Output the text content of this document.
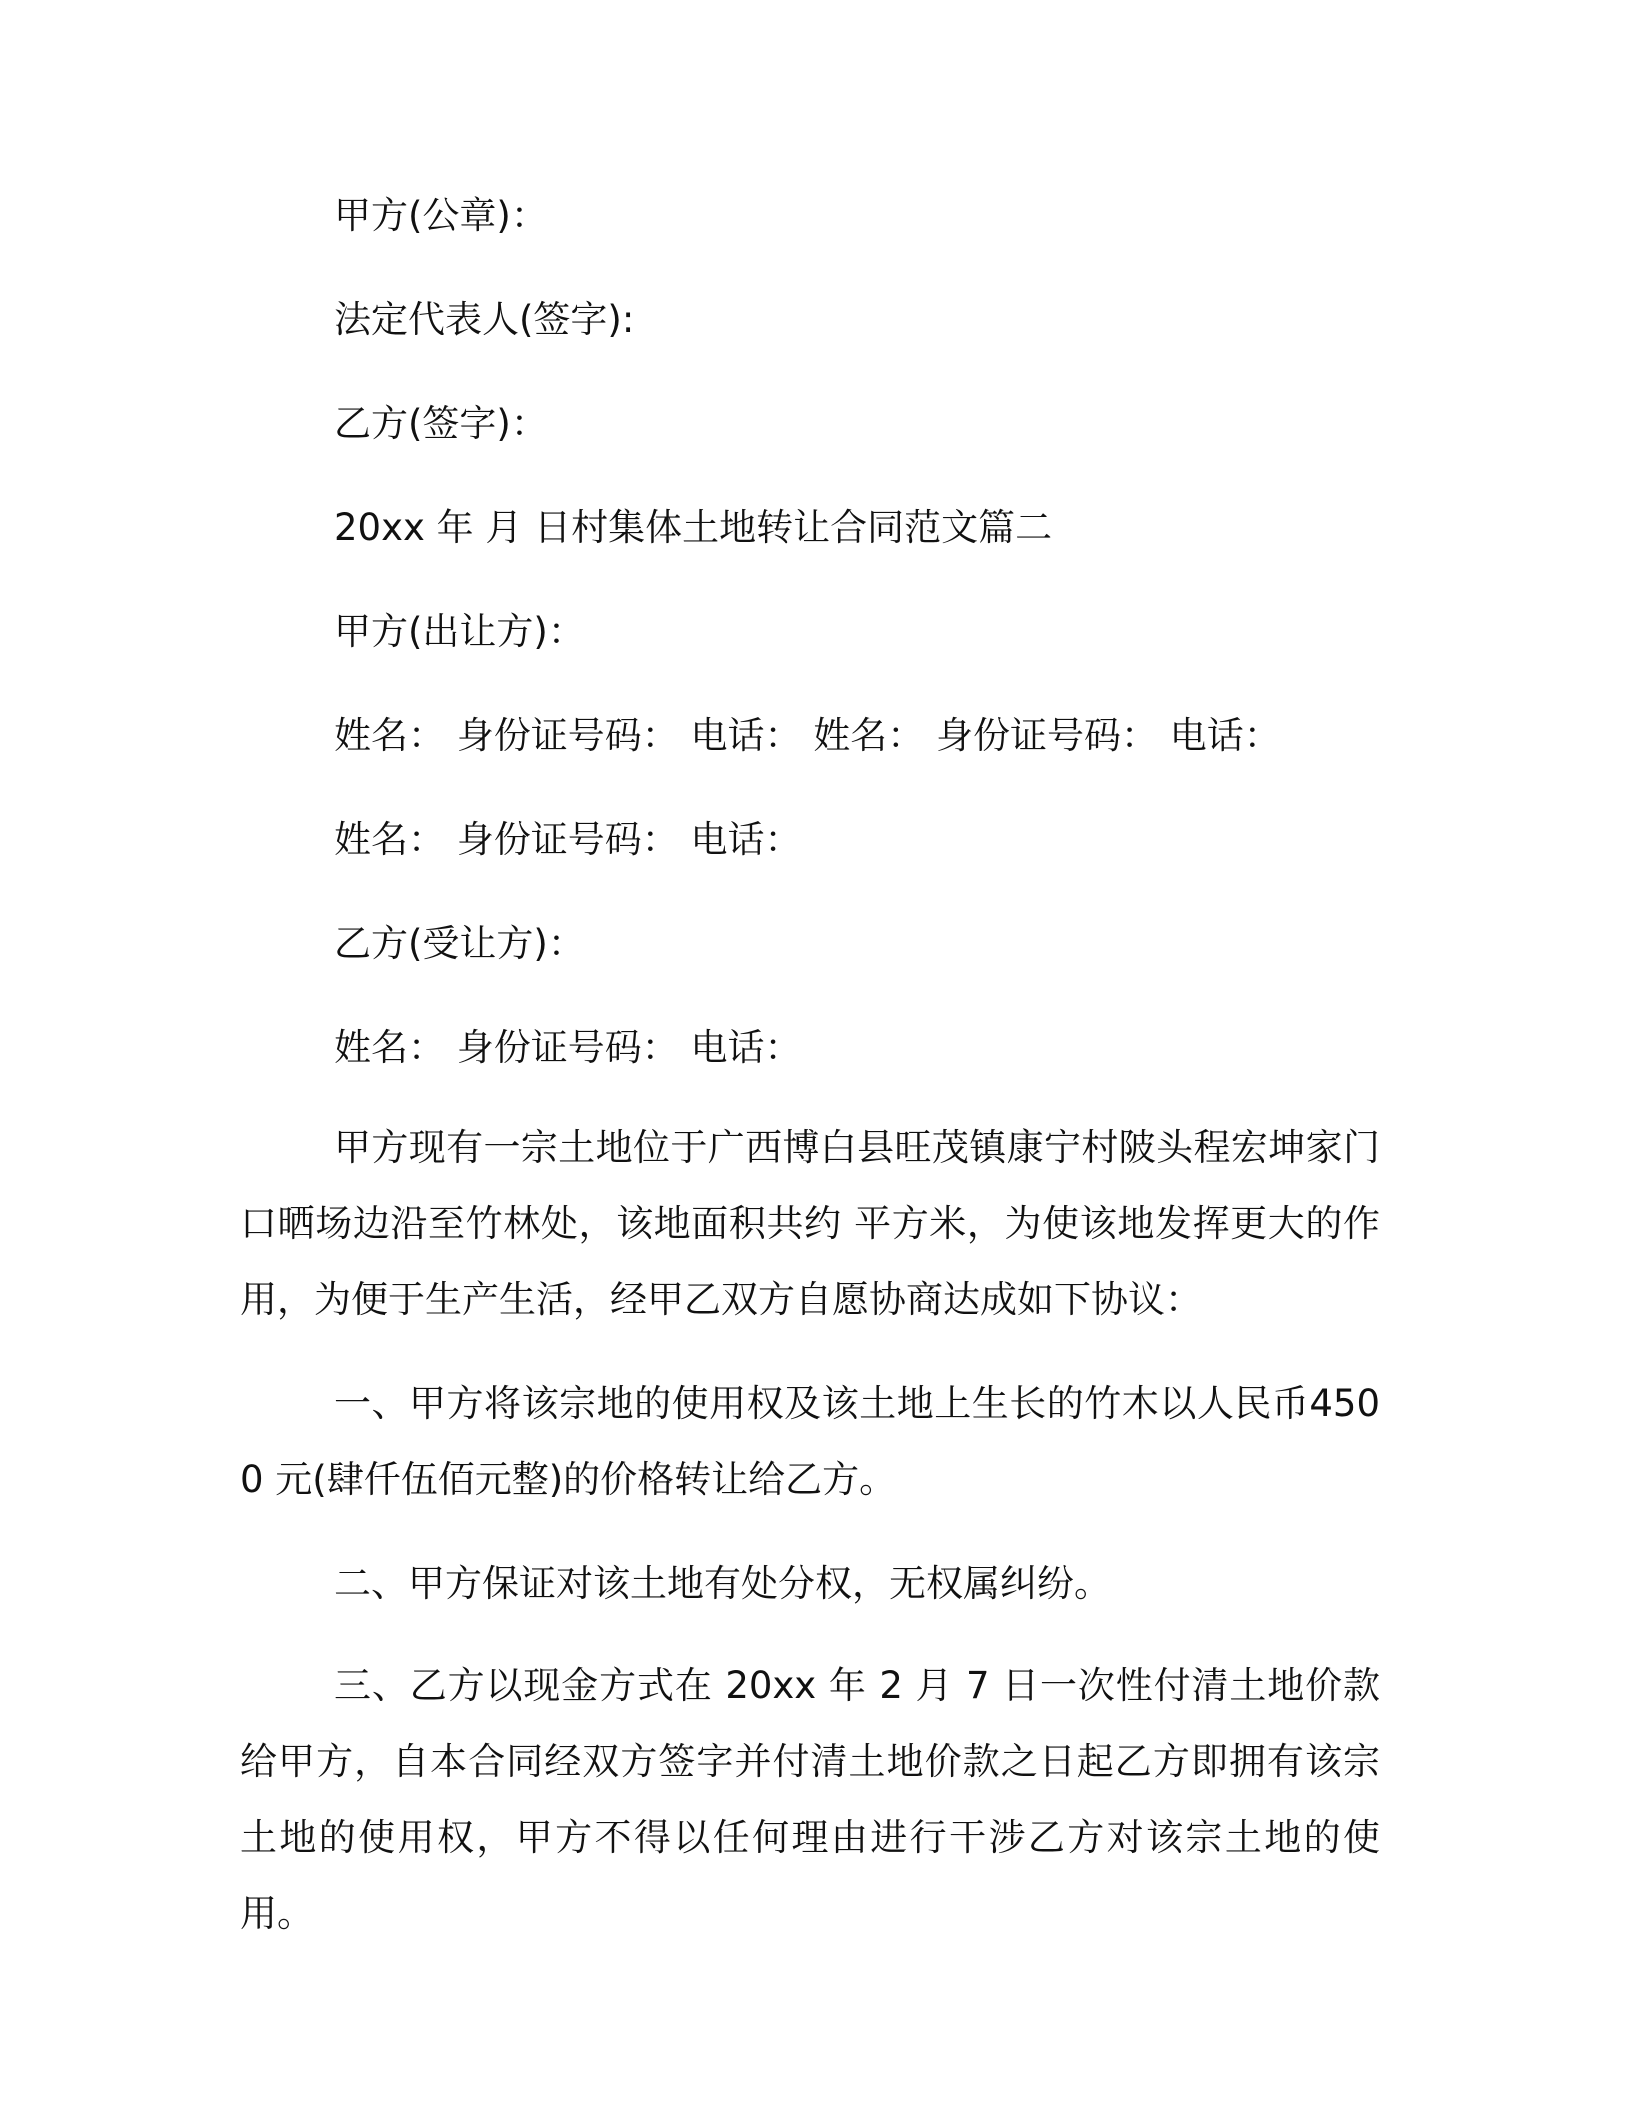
甲方(公章)：
法定代表人(签字):
乙方(签字)：
20xx 年 月 日村集体土地转让合同范文篇二
甲方(出让方)：
姓名： 身份证号码： 电话： 姓名： 身份证号码： 电话：
姓名： 身份证号码： 电话：
乙方(受让方)：
姓名： 身份证号码： 电话：
甲方现有一宗土地位于广西博白县旺茂镇康宁村陂头程宏坤家门口晒场边沿至竹林处，该地面积共约 平方米，为使该地发挥更大的作用，为便于生产生活，经甲乙双方自愿协商达成如下协议：
一、甲方将该宗地的使用权及该土地上生长的竹木以人民币4500 元(肆仟伍佰元整)的价格转让给乙方。
二、甲方保证对该土地有处分权，无权属纠纷。
三、乙方以现金方式在 20xx 年 2 月 7 日一次性付清土地价款给甲方，自本合同经双方签字并付清土地价款之日起乙方即拥有该宗土地的使用权，甲方不得以任何理由进行干涉乙方对该宗土地的使用。
